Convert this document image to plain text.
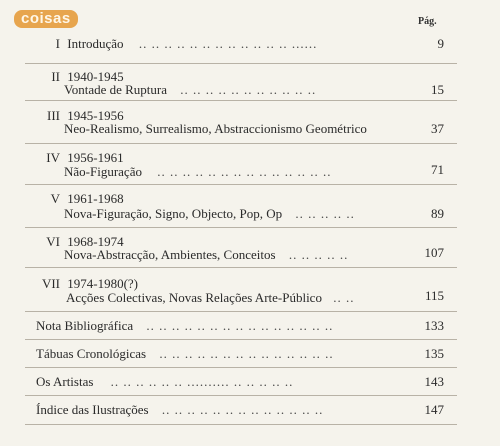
coisas	Pág.
I Introdução .. .. .. .. .. .. .. .. .. .. .. .. ......	9
II 1940-1945
Vontade de Ruptura .. .. .. .. .. .. .. .. .. .. ..	15
III 1945-1956
Neo-Realismo, Surrealismo, Abstraccionismo Geométrico	37
IV 1956-1961
Não-Figuração .. .. .. .. .. .. .. .. .. .. .. .. .. ..	71
V 1961-1968
Nova-Figuração, Signo, Objecto, Pop, Op .. .. .. .. ..	89
VI 1968-1974
Nova-Abstracção, Ambientes, Conceitos .. .. .. .. ..	107
VII 1974-1980(?)
Acções Colectivas, Novas Relações Arte-Público .. ..	115
Nota Bibliográfica .. .. .. .. .. .. .. .. .. .. .. .. .. .. ..	133
Tábuas Cronológicas .. .. .. .. .. .. .. .. .. .. .. .. .. ..	135
Os Artistas .. .. .. .. .. .. .......... .. .. .. .. ..	143
Índice das Ilustrações .. .. .. .. .. .. .. .. .. .. .. .. ..	147
